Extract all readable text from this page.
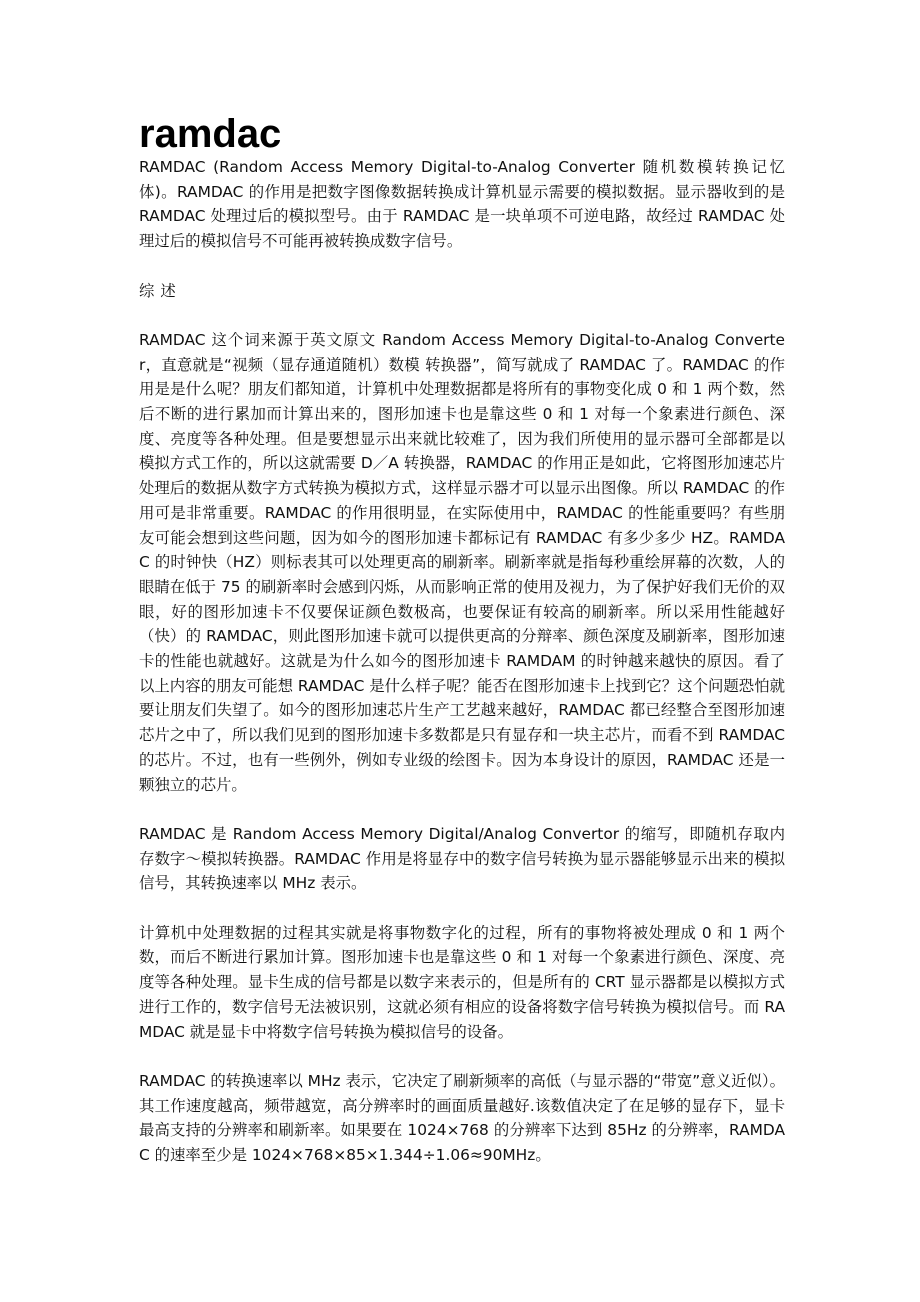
ramdac

RAMDAC (Random Access Memory Digital-to-Analog Converter 随机数模转换记忆体)。RAMDAC 的作用是把数字图像数据转换成计算机显示需要的模拟数据。显示器收到的是 RAMDAC 处理过后的模拟型号。由于 RAMDAC 是一块单项不可逆电路，故经过 RAMDAC 处理过后的模拟信号不可能再被转换成数字信号。

综述

RAMDAC 这个词来源于英文原文 Random Access Memory Digital-to-Analog Converter，直意就是“视频（显存通道随机）数模 转换器”，简写就成了 RAMDAC 了。RAMDAC 的作用是是什么呢？朋友们都知道，计算机中处理数据都是将所有的事物变化成 0 和 1 两个数，然后不断的进行累加而计算出来的，图形加速卡也是靠这些 0 和 1 对每一个象素进行颜色、深度、亮度等各种处理。但是要想显示出来就比较难了，因为我们所使用的显示器可全部都是以模拟方式工作的，所以这就需要 D／A 转换器，RAMDAC 的作用正是如此，它将图形加速芯片处理后的数据从数字方式转换为模拟方式，这样显示器才可以显示出图像。所以 RAMDAC 的作用可是非常重要。RAMDAC 的作用很明显，在实际使用中，RAMDAC 的性能重要吗？有些朋友可能会想到这些问题，因为如今的图形加速卡都标记有 RAMDAC 有多少多少 HZ。RAMDAC 的时钟快（HZ）则标表其可以处理更高的刷新率。刷新率就是指每秒重绘屏幕的次数，人的眼睛在低于 75 的刷新率时会感到闪烁，从而影响正常的使用及视力，为了保护好我们无价的双眼，好的图形加速卡不仅要保证颜色数极高，也要保证有较高的刷新率。所以采用性能越好（快）的 RAMDAC，则此图形加速卡就可以提供更高的分辩率、颜色深度及刷新率，图形加速卡的性能也就越好。这就是为什么如今的图形加速卡 RAMDAM 的时钟越来越快的原因。看了以上内容的朋友可能想 RAMDAC 是什么样子呢？能否在图形加速卡上找到它？这个问题恐怕就要让朋友们失望了。如今的图形加速芯片生产工艺越来越好，RAMDAC 都已经整合至图形加速芯片之中了，所以我们见到的图形加速卡多数都是只有显存和一块主芯片，而看不到 RAMDAC 的芯片。不过，也有一些例外，例如专业级的绘图卡。因为本身设计的原因，RAMDAC 还是一颗独立的芯片。

RAMDAC 是 Random Access Memory Digital/Analog Convertor 的缩写，即随机存取内存数字～模拟转换器。RAMDAC 作用是将显存中的数字信号转换为显示器能够显示出来的模拟信号，其转换速率以 MHz 表示。

计算机中处理数据的过程其实就是将事物数字化的过程，所有的事物将被处理成 0 和 1 两个数，而后不断进行累加计算。图形加速卡也是靠这些 0 和 1 对每一个象素进行颜色、深度、亮度等各种处理。显卡生成的信号都是以数字来表示的，但是所有的 CRT 显示器都是以模拟方式进行工作的，数字信号无法被识别，这就必须有相应的设备将数字信号转换为模拟信号。而 RAMDAC 就是显卡中将数字信号转换为模拟信号的设备。

RAMDAC 的转换速率以 MHz 表示，它决定了刷新频率的高低（与显示器的“带宽”意义近似）。其工作速度越高，频带越宽，高分辨率时的画面质量越好.该数值决定了在足够的显存下，显卡最高支持的分辨率和刷新率。如果要在 1024×768 的分辨率下达到 85Hz 的分辨率，RAMDAC 的速率至少是 1024×768×85×1.344÷1.06≈90MHz。
